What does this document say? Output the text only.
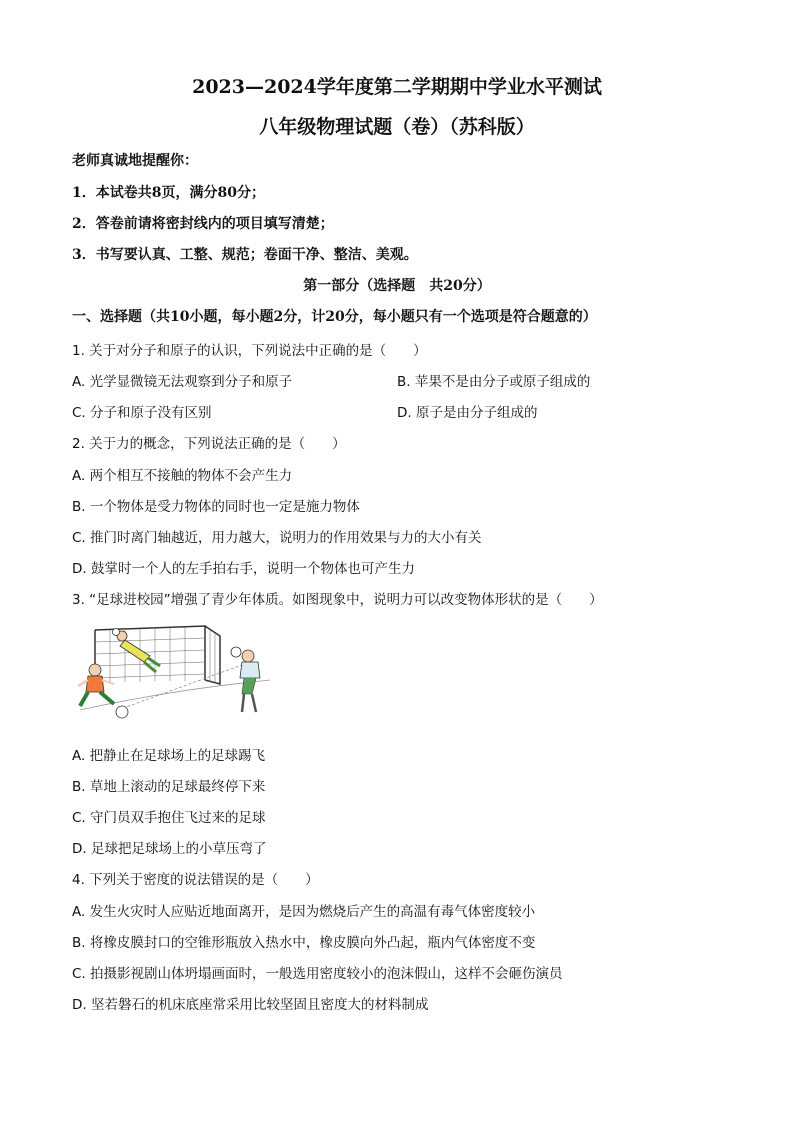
2023—2024学年度第二学期期中学业水平测试
八年级物理试题（卷）（苏科版）
老师真诚地提醒你：
1．本试卷共8页，满分80分；
2．答卷前请将密封线内的项目填写清楚；
3．书写要认真、工整、规范；卷面干净、整洁、美观。
第一部分（选择题　共20分）
一、选择题（共10小题，每小题2分，计20分，每小题只有一个选项是符合题意的）
1. 关于对分子和原子的认识，下列说法中正确的是（　　）
A. 光学显微镜无法观察到分子和原子	B. 苹果不是由分子或原子组成的
C. 分子和原子没有区别	D. 原子是由分子组成的
2. 关于力的概念，下列说法正确的是（　　）
A. 两个相互不接触的物体不会产生力
B. 一个物体是受力物体的同时也一定是施力物体
C. 推门时离门轴越近，用力越大，说明力的作用效果与力的大小有关
D. 鼓掌时一个人的左手拍右手，说明一个物体也可产生力
3. “足球进校园”增强了青少年体质。如图现象中，说明力可以改变物体形状的是（　　）
A. 把静止在足球场上的足球踢飞
B. 草地上滚动的足球最终停下来
C. 守门员双手抱住飞过来的足球
D. 足球把足球场上的小草压弯了
4. 下列关于密度的说法错误的是（　　）
A. 发生火灾时人应贴近地面离开，是因为燃烧后产生的高温有毒气体密度较小
B. 将橡皮膜封口的空锥形瓶放入热水中，橡皮膜向外凸起，瓶内气体密度不变
C. 拍摄影视剧山体坍塌画面时，一般选用密度较小的泡沫假山，这样不会砸伤演员
D. 坚若磐石的机床底座常采用比较坚固且密度大的材料制成
